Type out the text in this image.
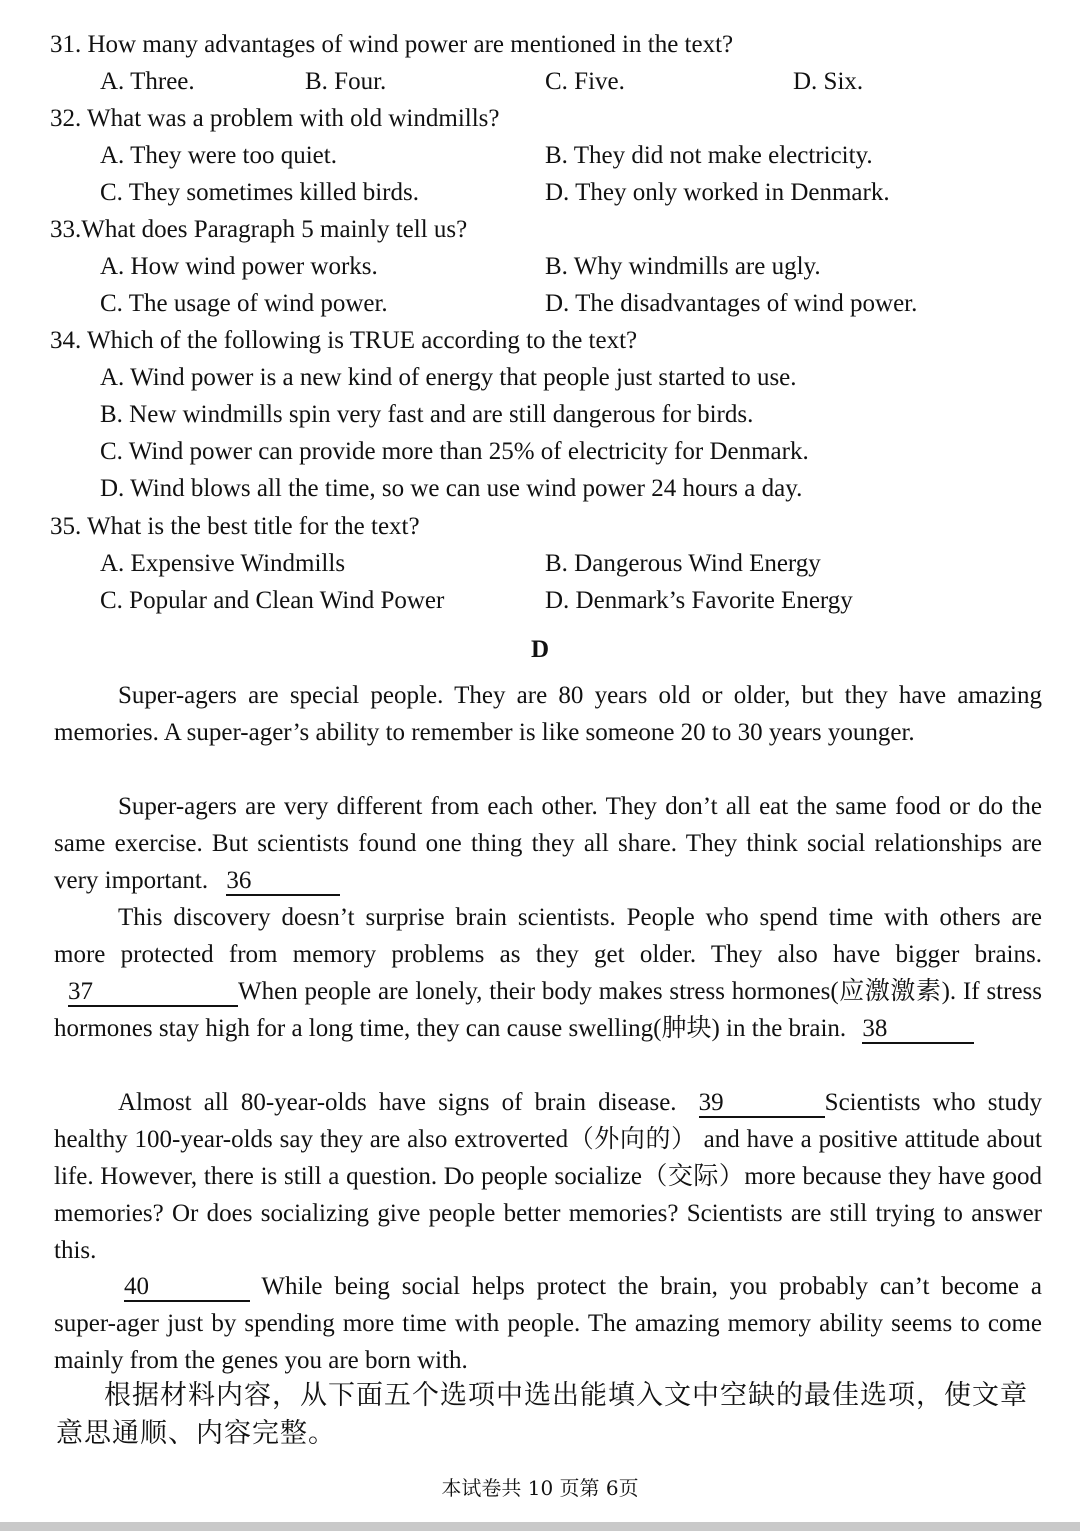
31. How many advantages of wind power are mentioned in the text?
A. Three.	B. Four.	C. Five.	D. Six.
32. What was a problem with old windmills?
A. They were too quiet.	B. They did not make electricity.
C. They sometimes killed birds.	D. They only worked in Denmark.
33.What does Paragraph 5 mainly tell us?
A. How wind power works.	B. Why windmills are ugly.
C. The usage of wind power.	D. The disadvantages of wind power.
34. Which of the following is TRUE according to the text?
A. Wind power is a new kind of energy that people just started to use.
B. New windmills spin very fast and are still dangerous for birds.
C. Wind power can provide more than 25% of electricity for Denmark.
D. Wind blows all the time, so we can use wind power 24 hours a day.
35. What is the best title for the text?
A. Expensive Windmills	B. Dangerous Wind Energy
C. Popular and Clean Wind Power	D. Denmark’s Favorite Energy
D
Super-agers are special people. They are 80 years old or older, but they have amazing memories. A super-ager’s ability to remember is like someone 20 to 30 years younger.
Super-agers are very different from each other. They don’t all eat the same food or do the same exercise. But scientists found one thing they all share. They think social relationships are very important. 36
This discovery doesn’t surprise brain scientists. People who spend time with others are more protected from memory problems as they get older. They also have bigger brains. 37	When people are lonely, their body makes stress hormones(应激激素). If stress hormones stay high for a long time, they can cause swelling(肿块) in the brain. 38
Almost all 80-year-olds have signs of brain disease. 39	Scientists who study healthy 100-year-olds say they are also extroverted（外向的） and have a positive attitude about life. However, there is still a question. Do people socialize（交际）more because they have good memories? Or does socializing give people better memories? Scientists are still trying to answer this.
40	While being social helps protect the brain, you probably can’t become a super-ager just by spending more time with people. The amazing memory ability seems to come mainly from the genes you are born with.
根据材料内容，从下面五个选项中选出能填入文中空缺的最佳选项，使文章意思通顺、内容完整。
本试卷共 10 页第 6页
